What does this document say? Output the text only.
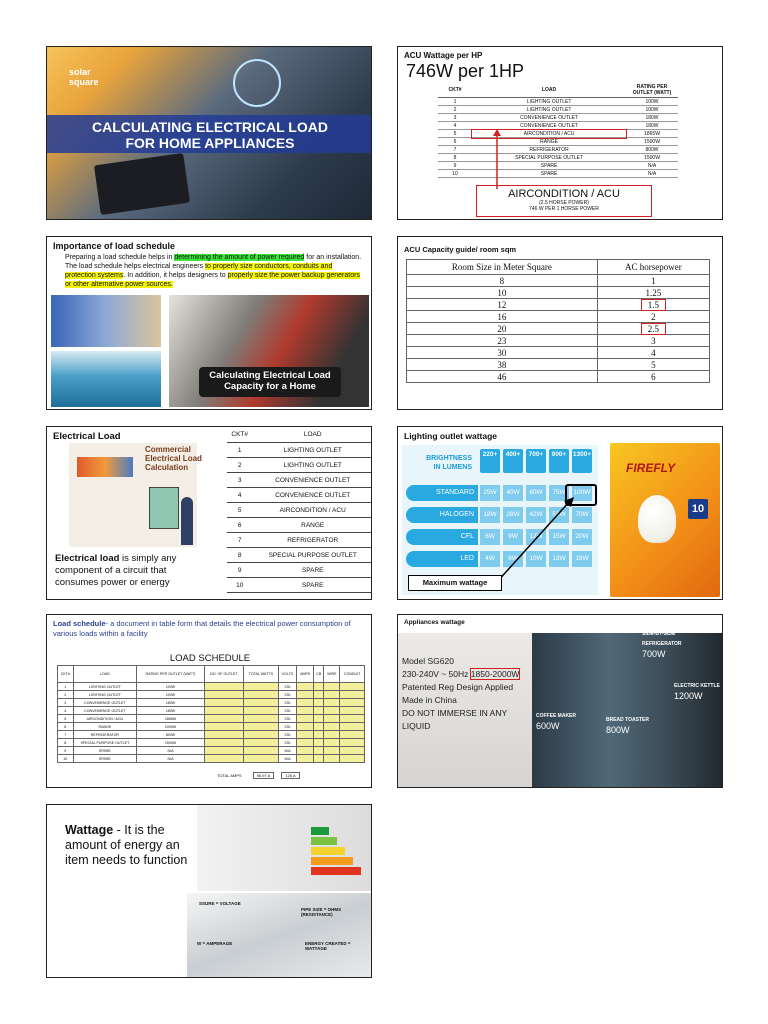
solar square
CALCULATING ELECTRICAL LOAD
FOR HOME APPLIANCES
ACU Wattage per HP
746W per 1HP
CKT#	LOAD	RATING PER OUTLET (WATT)
1	LIGHTING OUTLET	100W
2	LIGHTING OUTLET	100W
3	CONVENIENCE OUTLET	180W
4	CONVENIENCE OUTLET	180W
5	AIRCONDITION / ACU	1865W
6	RANGE	1500W
7	REFRIGERATOR	800W
8	SPECIAL PURPOSE OUTLET	1500W
9	SPARE	N/A
10	SPARE	N/A
AIRCONDITION / ACU
(2.5 HORSE POWER)
746 W PER 1 HORSE POWER
Importance of load schedule
Preparing a load schedule helps in determining the amount of power required for an installation. The load schedule helps electrical engineers to properly size conductors, conduits and protection systems. In addition, it helps designers to properly size the power backup generators or other alternative power sources.
Calculating Electrical Load Capacity for a Home
ACU Capacity guide/ room sqm
Room Size in Meter Square	AC horsepower
8	1
10	1.25
12	1.5
16	2
20	2.5
23	3
30	4
38	5
46	6
Electrical Load
Commercial Electrical Load Calculation
Electrical load is simply any component of a circuit that consumes power or energy
CKT#	LOAD
1	LIGHTING OUTLET
2	LIGHTING OUTLET
3	CONVENIENCE OUTLET
4	CONVENIENCE OUTLET
5	AIRCONDITION / ACU
6	RANGE
7	REFRIGERATOR
8	SPECIAL PURPOSE OUTLET
9	SPARE
10	SPARE
Lighting outlet wattage
BRIGHTNESS
IN LUMENS
220+	400+	700+	900+	1300+
STANDARD	25W	40W	60W	75W	100W
HALOGEN	18W	28W	42W	53W	70W
CFL	6W	9W	12W	15W	20W
LED	4W	6W	10W	13W	18W
Maximum wattage
FIREFLY
10
Load schedule- a document in table form that details the electrical power consumption of various loads within a facility
LOAD SCHEDULE
CKT#	LOAD	RATING PER OUTLET (WATT)	NO. OF OUTLET	TOTAL WATTS	VOLTS	AMPS	CB	WIRE	CONDUIT
1	LIGHTING OUTLET	100W			230				
2	LIGHTING OUTLET	100W			230				
3	CONVENIENCE OUTLET	180W			230				
4	CONVENIENCE OUTLET	180W			230				
5	AIRCONDITION / ACU	1865W			230				
6	RANGE	1000W			230				
7	REFRIGERATOR	800W			230				
8	SPECIAL PURPOSE OUTLET	1500W			230				
9	SPARE	N/A			N/A				
10	SPARE	N/A			N/A				
TOTAL AMPS	96.97 A	125 A
Appliances wattage
Model SG620
230-240V ~ 50Hz 1850-2000W
Patented Reg Design Applied
Made in China
DO NOT IMMERSE IN ANY LIQUID
SIDE-BY-SIDE REFRIGERATOR
700W
ELECTRIC KETTLE
1200W
COFFEE MAKER
600W
BREAD TOASTER
800W
Wattage - It is the amount of energy an item needs to function
SSURE = VOLTAGE
PIPE SIZE = OHMS (RESISTANCE)
W = AMPERAGE	ENERGY CREATED = WATTAGE
